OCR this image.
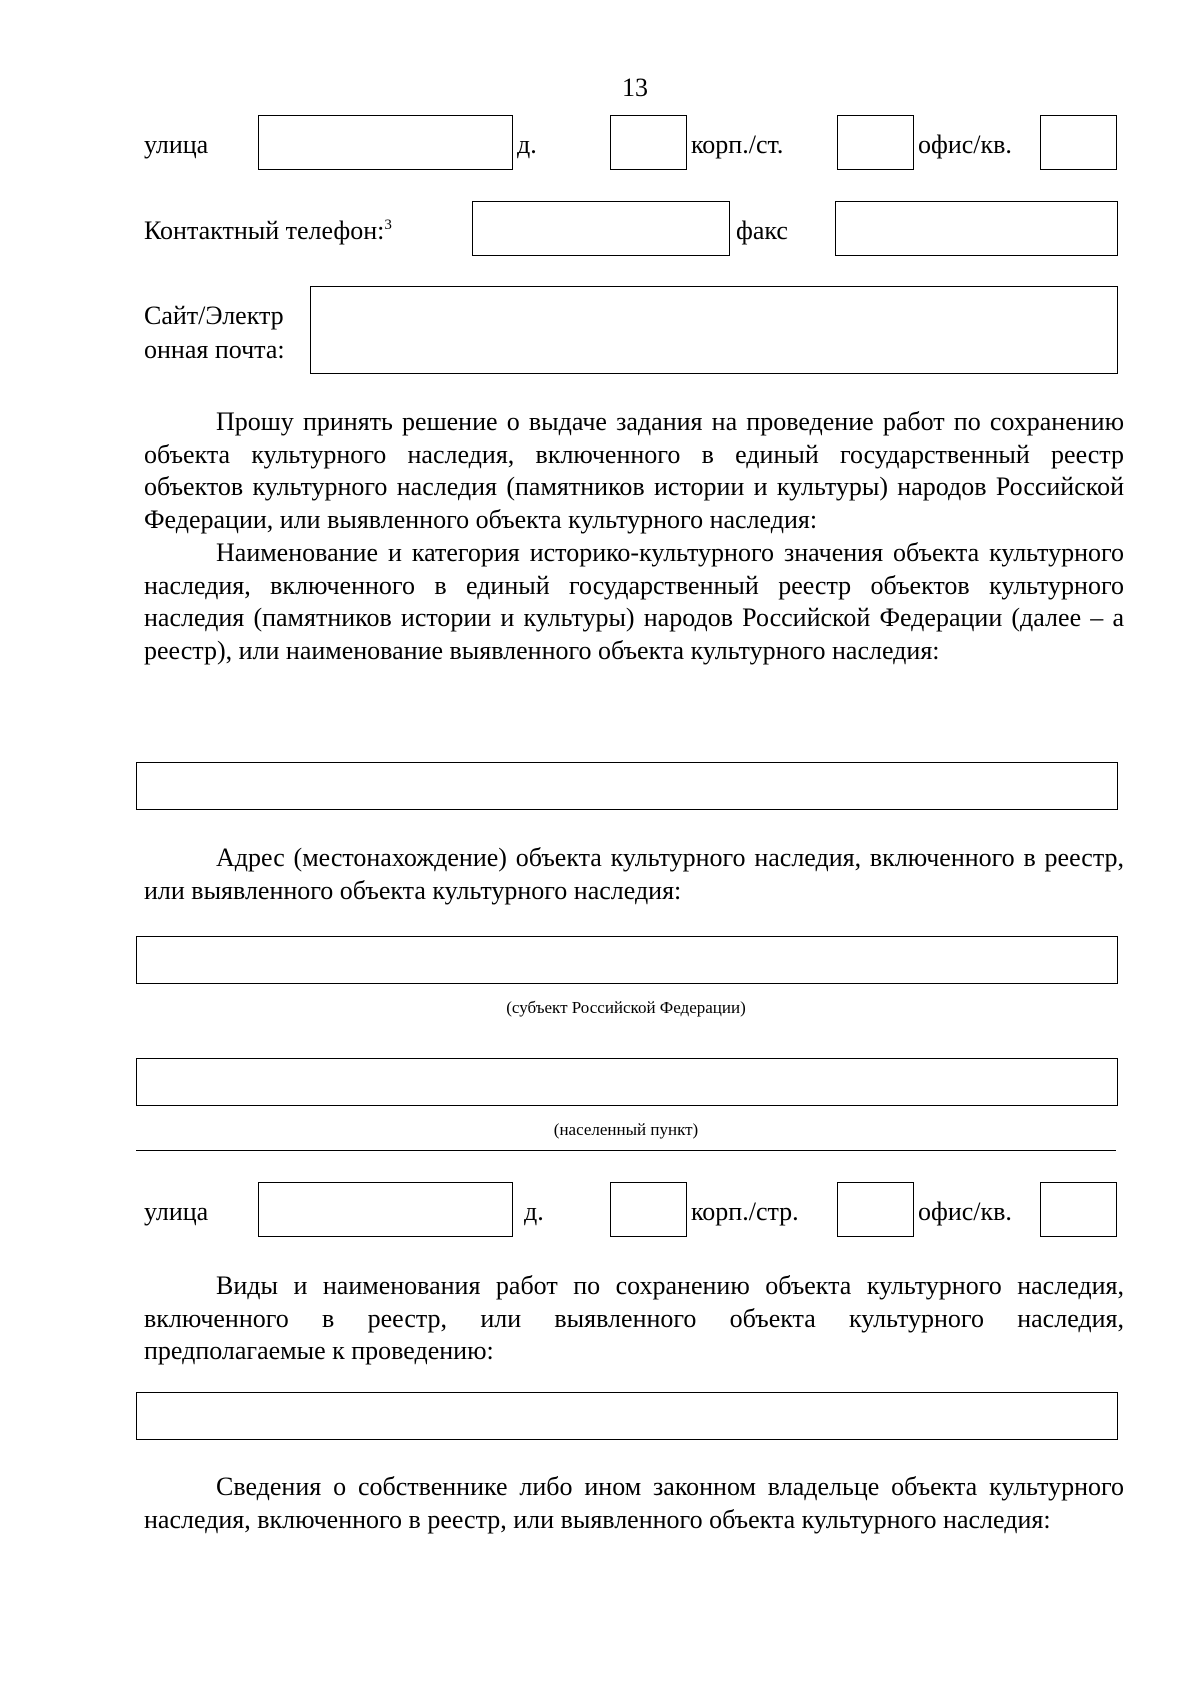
13
улица	д.	корп./ст.	офис/кв.
Контактный телефон:$^3$	факс
Сайт/Электр
онная почта:

Прошу принять решение о выдаче задания на проведение работ по сохранению объекта культурного наследия, включенного в единый государственный реестр объектов культурного наследия (памятников истории и культуры) народов Российской Федерации, или выявленного объекта культурного наследия:

Наименование и категория историко-культурного значения объекта культурного наследия, включенного в единый государственный реестр объектов культурного наследия (памятников истории и культуры) народов Российской Федерации (далее – а реестр), или наименование выявленного объекта культурного наследия:

Адрес (местонахождение) объекта культурного наследия, включенного в реестр, или выявленного объекта культурного наследия:

(субъект Российской Федерации)
(населенный пункт)
улица	д.	корп./стр.	офис/кв.

Виды и наименования работ по сохранению объекта культурного наследия, включенного в реестр, или выявленного объекта культурного наследия, предполагаемые к проведению:

Сведения о собственнике либо ином законном владельце объекта культурного наследия, включенного в реестр, или выявленного объекта культурного наследия:
